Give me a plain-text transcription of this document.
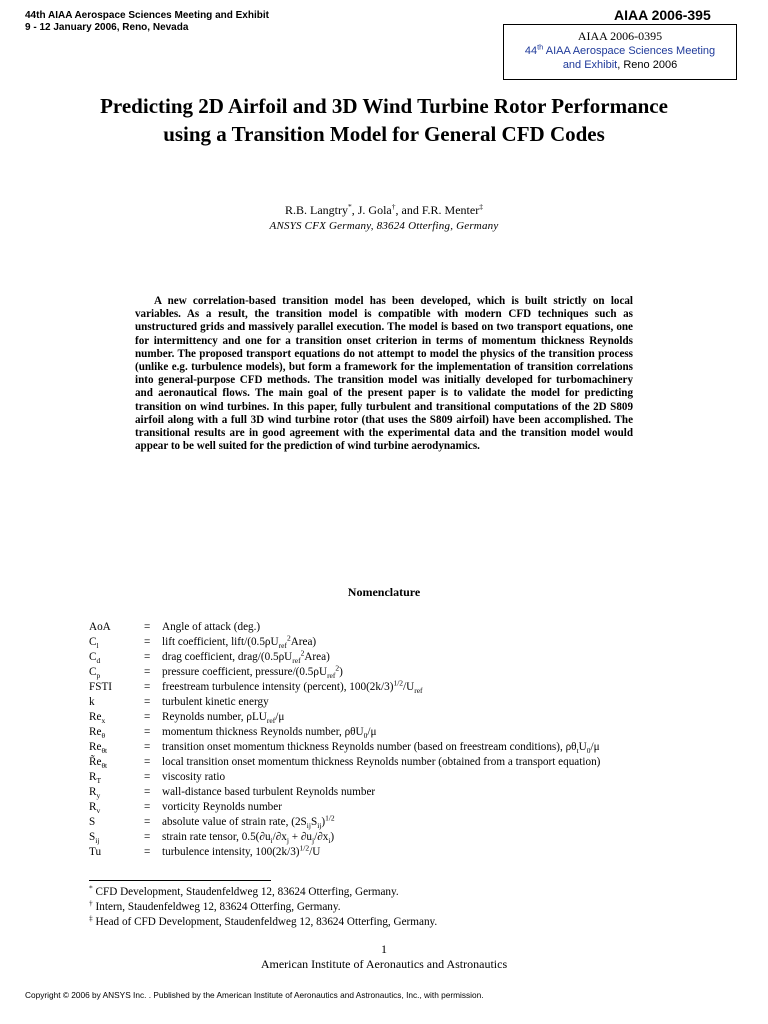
44th AIAA Aerospace Sciences Meeting and Exhibit
9 - 12 January 2006, Reno, Nevada
AIAA 2006-395
AIAA 2006-0395
44th AIAA Aerospace Sciences Meeting
and Exhibit, Reno 2006
Predicting 2D Airfoil and 3D Wind Turbine Rotor Performance using a Transition Model for General CFD Codes
R.B. Langtry*, J. Gola†, and F.R. Menter‡
ANSYS CFX Germany, 83624 Otterfing, Germany
A new correlation-based transition model has been developed, which is built strictly on local variables. As a result, the transition model is compatible with modern CFD techniques such as unstructured grids and massively parallel execution. The model is based on two transport equations, one for intermittency and one for a transition onset criterion in terms of momentum thickness Reynolds number. The proposed transport equations do not attempt to model the physics of the transition process (unlike e.g. turbulence models), but form a framework for the implementation of transition correlations into general-purpose CFD methods. The transition model was initially developed for turbomachinery and aeronautical flows. The main goal of the present paper is to validate the model for predicting transition on wind turbines. In this paper, fully turbulent and transitional computations of the 2D S809 airfoil along with a full 3D wind turbine rotor (that uses the S809 airfoil) have been accomplished. The transitional results are in good agreement with the experimental data and the transition model would appear to be well suited for the prediction of wind turbine aerodynamics.
Nomenclature
AoA	= Angle of attack (deg.)
$C_l$	= lift coefficient, lift/$(0.5\rho U_{ref}^2Area)$
$C_d$	= drag coefficient, drag/$(0.5\rho U_{ref}^2Area)$
$C_p$	= pressure coefficient, pressure/$(0.5\rho U_{ref}^2)$
FSTI	= freestream turbulence intensity (percent), $100(2k/3)^{1/2}/U_{ref}$
k	= turbulent kinetic energy
$Re_x$	= Reynolds number, ρLU$_{ref}$/μ
$Re_\theta$	= momentum thickness Reynolds number, ρθU$_0$/μ
$Re_{\theta t}$	= transition onset momentum thickness Reynolds number (based on freestream conditions), $\rho\theta_tU_0/\mu$
$R̃e_{\theta t}$	= local transition onset momentum thickness Reynolds number (obtained from a transport equation)
$R_T$	= viscosity ratio
$R_y$	= wall-distance based turbulent Reynolds number
$R_v$	= vorticity Reynolds number
S	= absolute value of strain rate, $(2S_{ij}S_{ij})^{1/2}$
$S_{ij}$	= strain rate tensor, $0.5(\partial u_i/\partial x_j + \partial u_j/\partial x_i)$
Tu	= turbulence intensity, $100(2k/3)^{1/2}/U$
* CFD Development, Staudenfeldweg 12, 83624 Otterfing, Germany.
† Intern, Staudenfeldweg 12, 83624 Otterfing, Germany.
‡ Head of CFD Development, Staudenfeldweg 12, 83624 Otterfing, Germany.
1
American Institute of Aeronautics and Astronautics
Copyright © 2006 by ANSYS Inc. . Published by the American Institute of Aeronautics and Astronautics, Inc., with permission.
